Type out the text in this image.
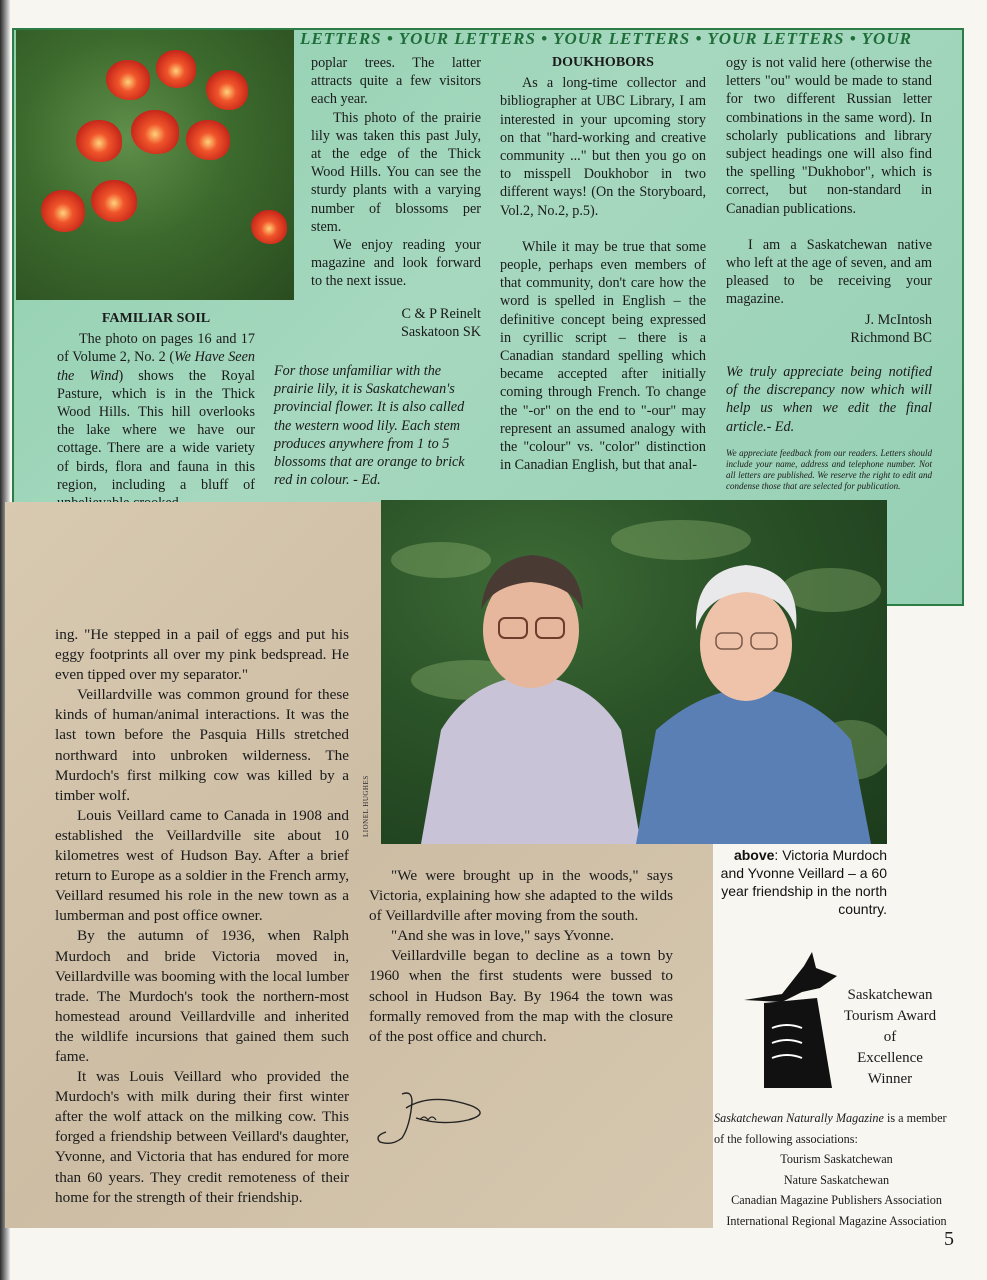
LETTERS • YOUR LETTERS • YOUR LETTERS • YOUR LETTERS • YOUR
FAMILIAR SOIL

The photo on pages 16 and 17 of Volume 2, No. 2 (We Have Seen the Wind) shows the Royal Pasture, which is in the Thick Wood Hills. This hill overlooks the lake where we have our cottage. There are a wide variety of birds, flora and fauna in this region, including a bluff of

poplar trees. The latter attracts quite a few visitors each year.

This photo of the prairie lily was taken this past July, at the edge of the Thick Wood Hills. You can see the sturdy plants with a varying number of blossoms per stem.

We enjoy reading your magazine and look forward to the next issue.

C & P Reinelt
Saskatoon SK
For those unfamiliar with the prairie lily, it is Saskatchewan's provincial flower. It is also called the western wood lily. Each stem produces anywhere from 1 to 5 blossoms that are orange to brick red in colour. - Ed.
DOUKHOBORS

As a long-time collector and bibliographer at UBC Library, I am interested in your upcoming story on that "hard-working and creative community ..." but then you go on to misspell Doukhobor in two different ways! (On the Storyboard, Vol.2, No.2, p.5).

While it may be true that some people, perhaps even members of that community, don't care how the word is spelled in English – the definitive concept being expressed in cyrillic script – there is a Canadian standard spelling which became accepted after initially coming through French. To change the "-or" on the end to "-our" may represent an assumed analogy with the "colour" vs. "color" distinction in Canadian English, but that anal-

ogy is not valid here (otherwise the letters "ou" would be made to stand for two different Russian letter combinations in the same word). In scholarly publications and library subject headings one will also find the spelling "Dukhobor", which is correct, but non-standard in Canadian publications.

I am a Saskatchewan native who left at the age of seven, and am pleased to be receiving your magazine.

J. McIntosh
Richmond BC

We truly appreciate being notified of the discrepancy now which will help us when we edit the final article.- Ed.

We appreciate feedback from our readers. Letters should include your name, address and telephone number. Not all letters are published. We reserve the right to edit and condense those that are selected for publication.

LIONEL HUGHES
above: Victoria Murdoch and Yvonne Veillard – a 60 year friendship in the north country.

ing. "He stepped in a pail of eggs and put his eggy footprints all over my pink bedspread. He even tipped over my separator."

Veillardville was common ground for these kinds of human/animal interactions. It was the last town before the Pasquia Hills stretched northward into unbroken wilderness. The Murdoch's first milking cow was killed by a timber wolf.

Louis Veillard came to Canada in 1908 and established the Veillardville site about 10 kilometres west of Hudson Bay. After a brief return to Europe as a soldier in the French army, Veillard resumed his role in the new town as a lumberman and post office owner.

By the autumn of 1936, when Ralph Murdoch and bride Victoria moved in, Veillardville was booming with the local lumber trade. The Murdoch's took the northern-most homestead around Veillardville and inherited the wildlife incursions that gained them such fame.

It was Louis Veillard who provided the Murdoch's with milk during their first winter after the wolf attack on the milking cow. This forged a friendship between Veillard's daughter, Yvonne, and Victoria that has endured for more than 60 years. They credit remoteness of their home for the strength of their friendship.

"We were brought up in the woods," says Victoria, explaining how she adapted to the wilds of Veillardville after moving from the south.

"And she was in love," says Yvonne.

Veillardville began to decline as a town by 1960 when the first students were bussed to school in Hudson Bay. By 1964 the town was formally removed from the map with the closure of the post office and church.

Saskatchewan
Tourism Award
of
Excellence
Winner
Saskatchewan Naturally Magazine is a member of the following associations:
Tourism Saskatchewan
Nature Saskatchewan
Canadian Magazine Publishers Association
International Regional Magazine Association
5
